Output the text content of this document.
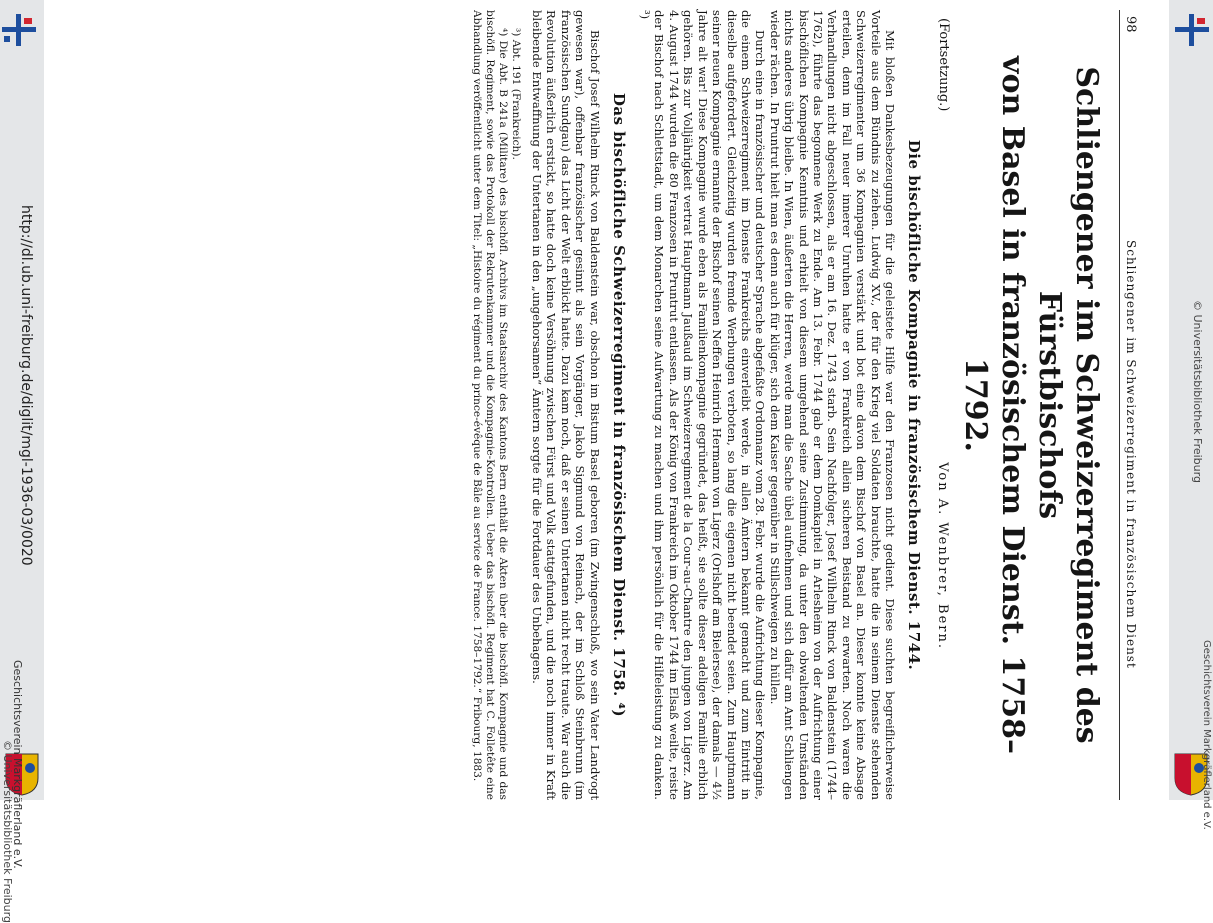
http://dl.ub.uni-freiburg.de/diglit/mgl-1936-03/0020
© Universitätsbibliothek Freiburg
Geschichtsverein Markgräflerland e.V.
© Universitätsbibliothek Freiburg
Geschichtsverein Markgräflerland e.V.
98
Schliengener im Schweizerregiment in französischem Dienst
Schliengener im Schweizerregiment des Fürstbischofs
von Basel in französischem Dienst. 1758–1792.

(Fortsetzung.)

Von A. Wenbrer, Bern.

Die bischöfliche Kompagnie in französischem Dienst. 1744.

Mit bloßen Dankesbezeugungen für die geleistete Hilfe war den Franzosen nicht gedient. Diese suchten begreiflicherweise Vorteile aus dem Bündnis zu ziehen. Ludwig XV., der für den Krieg viel Soldaten brauchte, hatte die in seinem Dienste stehenden Schweizerregimenter um 36 Kompagnien verstärkt und bot eine davon dem Bischof von Basel an. Dieser konnte keine Absage erteilen, denn im Fall neuer innerer Unruhen hatte er von Frankreich allein sicheren Beistand zu erwarten. Noch waren die Verhandlungen nicht abgeschlossen, als er am 16. Dez. 1743 starb. Sein Nachfolger, Josef Wilhelm Rinck von Baldenstein (1744–1762), führte das begonnene Werk zu Ende. Am 13. Febr. 1744 gab er dem Domkapitel in Arlesheim von der Aufrichtung einer bischöflichen Kompagnie Kenntnis und erhielt von diesem umgehend seine Zustimmung, da unter den obwaltenden Umständen nichts anderes übrig bleibe. In Wien, äußerten die Herren, werde man die Sache übel aufnehmen und sich dafür am Amt Schliengen wieder rächen. In Pruntrut hielt man es denn auch für klüger, sich dem Kaiser gegenüber in Stillschweigen zu hüllen.

Durch eine in französischer und deutscher Sprache abgefaßte Ordonnanz vom 28. Febr. wurde die Aufrichtung dieser Kompagnie, die einem Schweizerregiment im Dienste Frankreichs einverleibt werde, in allen Ämtern bekannt gemacht und zum Eintritt in dieselbe aufgefordert. Gleichzeitig wurden fremde Werbungen verboten, so lang die eigenen nicht beendet seien. Zum Hauptmann seiner neuen Kompagnie ernannte der Bischof seinen Neffen Heinrich Hermann von Ligerz (Orlshoff am Bielersee), der damals — 4½ Jahre alt war! Diese Kompagnie wurde eben als Familienkompagnie gegründet, das heißt, sie sollte dieser adeligen Familie erblich gehören. Bis zur Volljährigkeit vertrat Hauptmann Jaußaud im Schweizerregiment de la Cour-au-Chantre den jungen von Ligerz. Am 4. August 1744 wurden die 80 Franzosen in Pruntrut entlassen. Als der König von Frankreich im Oktober 1744 im Elsaß weilte, reiste der Bischof nach Schlettstadt, um dem Monarchen seine Aufwartung zu machen und ihm persönlich für die Hilfeleistung zu danken. ³)

Das bischöfliche Schweizerregiment in französischem Dienst. 1758. ⁴)

Bischof Josef Wilhelm Rinck von Baldenstein war, obschon im Bistum Basel geboren (im Zwingenschloß, wo sein Vater Landvogt gewesen war), offenbar französischer gesinnt als sein Vorgänger, Jakob Sigmund von Reinach, der im Schloß Steinbrunn (im französischen Sundgau) das Licht der Welt erblickt hatte. Dazu kam noch, daß er seinen Untertanen nicht recht traute. War auch die Revolution äußerlich erstickt, so hatte doch keine Versöhnung zwischen Fürst und Volk stattgefunden, und die noch immer in Kraft bleibende Entwaffnung der Untertanen in den „ungehorsamen“ Ämtern sorgte für die Fortdauer des Unbehagens.

³) Abt. 191 (Frankreich).

⁴) Die Abt. B 241a (Militare) des bischöfl. Archivs im Staatsarchiv des Kantons Bern enthält die Akten über die bischöfl. Kompagnie und das bischöfl. Regiment, sowie das Protokoll der Rekrutenkammer und die Kompagnie-Kontrollen. Ueber das bischöfl. Regiment hat C. Folletête eine Abhandlung veröffentlicht unter dem Titel: „Histoire du régiment du prince-évêque de Bâle au service de France. 1758–1792.“ Fribourg, 1883.
